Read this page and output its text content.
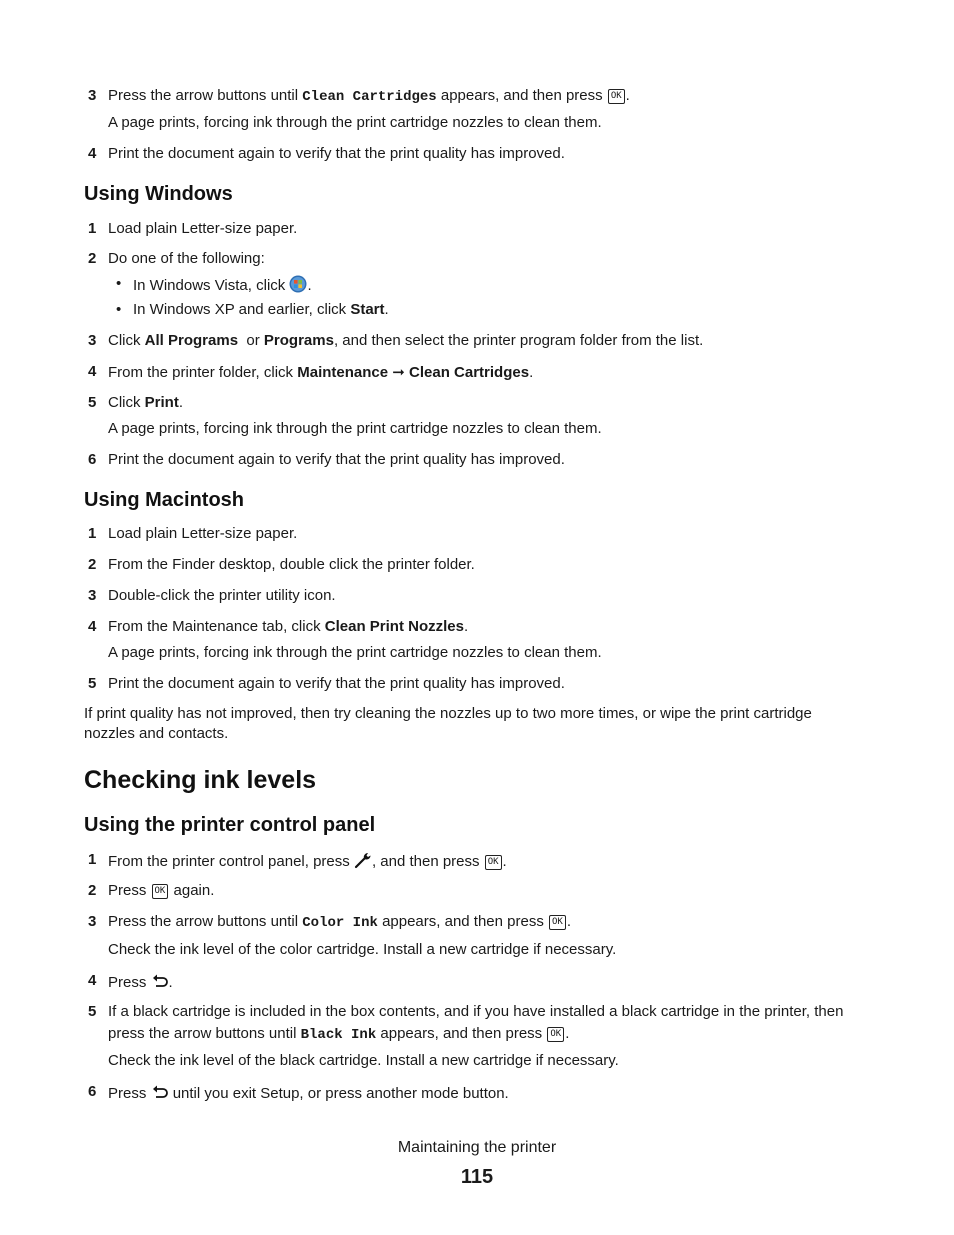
3 Press the arrow buttons until Clean Cartridges appears, and then press OK .
A page prints, forcing ink through the print cartridge nozzles to clean them.
4 Print the document again to verify that the print quality has improved.
Using Windows
1 Load plain Letter-size paper.
2 Do one of the following:
• In Windows Vista, click .
• In Windows XP and earlier, click Start.
3 Click All Programs or Programs, and then select the printer program folder from the list.
4 From the printer folder, click Maintenance ➞ Clean Cartridges.
5 Click Print.
A page prints, forcing ink through the print cartridge nozzles to clean them.
6 Print the document again to verify that the print quality has improved.
Using Macintosh
1 Load plain Letter-size paper.
2 From the Finder desktop, double click the printer folder.
3 Double-click the printer utility icon.
4 From the Maintenance tab, click Clean Print Nozzles.
A page prints, forcing ink through the print cartridge nozzles to clean them.
5 Print the document again to verify that the print quality has improved.
If print quality has not improved, then try cleaning the nozzles up to two more times, or wipe the print cartridge
nozzles and contacts.
Checking ink levels
Using the printer control panel
1 From the printer control panel, press , and then press OK .
2 Press OK again.
3 Press the arrow buttons until Color Ink appears, and then press OK .
Check the ink level of the color cartridge. Install a new cartridge if necessary.
4 Press .
5 If a black cartridge is included in the box contents, and if you have installed a black cartridge in the printer, then
press the arrow buttons until Black Ink appears, and then press OK .
Check the ink level of the black cartridge. Install a new cartridge if necessary.
6 Press until you exit Setup, or press another mode button.
Maintaining the printer
115
